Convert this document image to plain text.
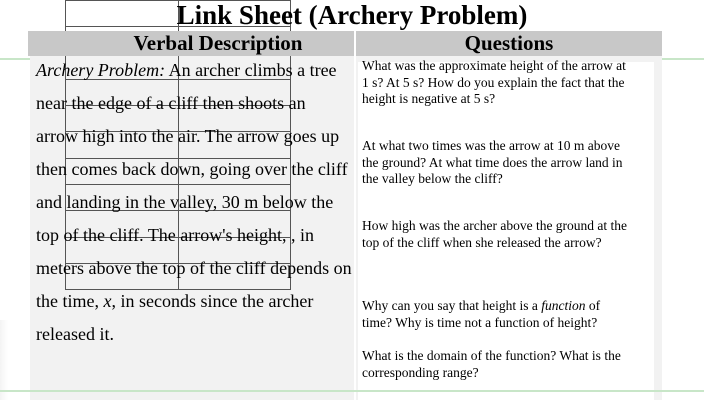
Verbal Description	Questions

Link Sheet (Archery Problem)
Archery Problem: An archer climbs a tree near the edge of a cliff then shoots an arrow high into the air. The arrow goes up then comes back down, going over the cliff and landing in the valley, 30 m below the top of the cliff. The arrow's height, , in meters above the top of the cliff depends on the time, x, in seconds since the archer released it.

What was the approximate height of the arrow at 1 s? At 5 s? How do you explain the fact that the height is negative at 5 s?

At what two times was the arrow at 10 m above the ground? At what time does the arrow land in the valley below the cliff?

How high was the archer above the ground at the top of the cliff when she released the arrow?

Why can you say that height is a function of time? Why is time not a function of height?

What is the domain of the function? What is the corresponding range?
